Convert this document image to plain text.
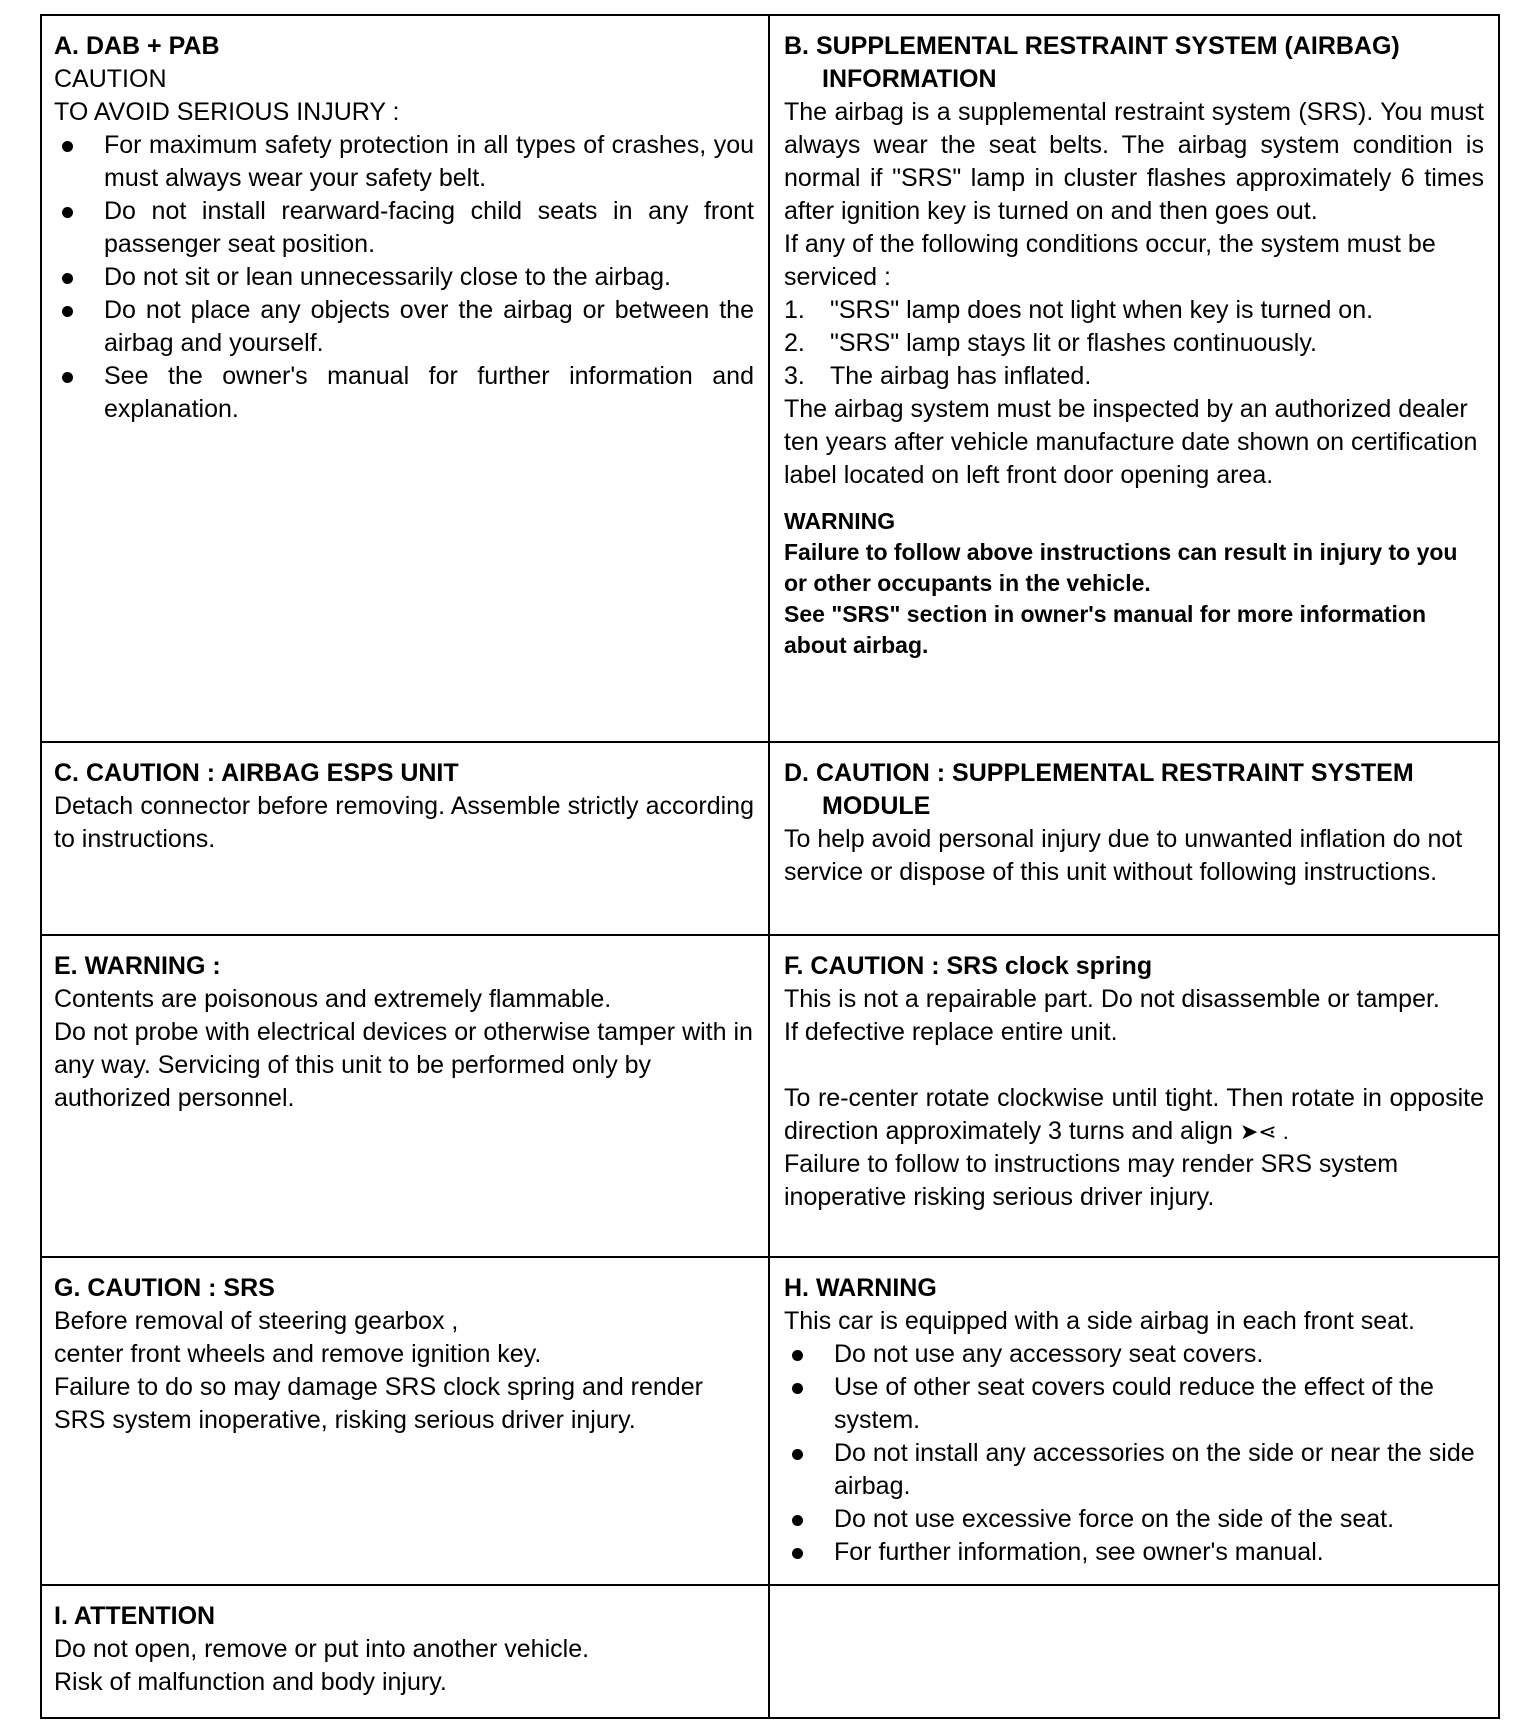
A. DAB + PAB

CAUTION

TO AVOID SERIOUS INJURY :

For maximum safety protection in all types of crashes, you must always wear your safety belt.
Do not install rearward-facing child seats in any front passenger seat position.
Do not sit or lean unnecessarily close to the airbag.
Do not place any objects over the airbag or between the airbag and yourself.
See the owner's manual for further information and explanation.

B. SUPPLEMENTAL RESTRAINT SYSTEM (AIRBAG) INFORMATION

The airbag is a supplemental restraint system (SRS). You must always wear the seat belts. The airbag system condition is normal if "SRS" lamp in cluster flashes approximately 6 times after ignition key is turned on and then goes out.

If any of the following conditions occur, the system must be serviced :

1. "SRS" lamp does not light when key is turned on.
2. "SRS" lamp stays lit or flashes continuously.
3. The airbag has inflated.

The airbag system must be inspected by an authorized dealer ten years after vehicle manufacture date shown on certification label located on left front door opening area.

WARNING

Failure to follow above instructions can result in injury to you or other occupants in the vehicle.

See "SRS" section in owner's manual for more information about airbag.

C. CAUTION : AIRBAG ESPS UNIT

Detach connector before removing. Assemble strictly according to instructions.

D. CAUTION : SUPPLEMENTAL RESTRAINT SYSTEM MODULE

To help avoid personal injury due to unwanted inflation do not service or dispose of this unit without following instructions.

E. WARNING :

Contents are poisonous and extremely flammable.

Do not probe with electrical devices or otherwise tamper with in any way. Servicing of this unit to be performed only by authorized personnel.

F. CAUTION : SRS clock spring

This is not a repairable part. Do not disassemble or tamper.

If defective replace entire unit.

To re-center rotate clockwise until tight. Then rotate in opposite direction approximately 3 turns and align ➤⋖ .

Failure to follow to instructions may render SRS system inoperative risking serious driver injury.

G. CAUTION : SRS

Before removal of steering gearbox ,

center front wheels and remove ignition key.

Failure to do so may damage SRS clock spring and render SRS system inoperative, risking serious driver injury.

H. WARNING

This car is equipped with a side airbag in each front seat.

Do not use any accessory seat covers.
Use of other seat covers could reduce the effect of the system.
Do not install any accessories on the side or near the side airbag.
Do not use excessive force on the side of the seat.
For further information, see owner's manual.

I. ATTENTION

Do not open, remove or put into another vehicle.

Risk of malfunction and body injury.
